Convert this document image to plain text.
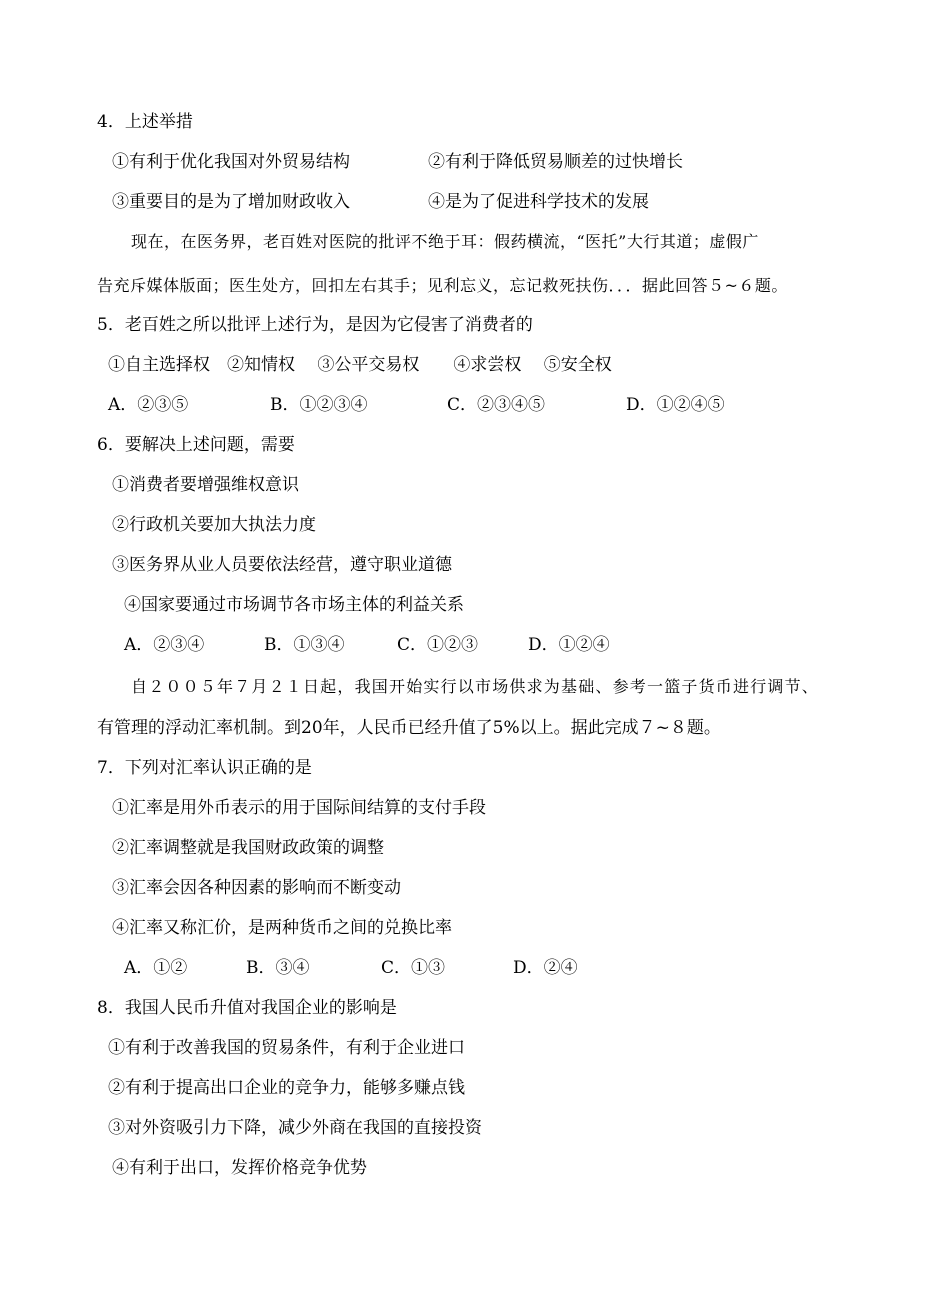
4．上述举措
①有利于优化我国对外贸易结构	②有利于降低贸易顺差的过快增长
③重要目的是为了增加财政收入	④是为了促进科学技术的发展
现在，在医务界，老百姓对医院的批评不绝于耳：假药横流，“医托”大行其道；虚假广
告充斥媒体版面；医生处方，回扣左右其手；见利忘义，忘记救死扶伤．．．据此回答５~６题。
5．老百姓之所以批评上述行为，是因为它侵害了消费者的
①自主选择权　②知情权　 ③公平交易权　　④求尝权　 ⑤安全权
A．②③⑤	B．①②③④	C．②③④⑤	D．①②④⑤
6．要解决上述问题，需要
①消费者要增强维权意识
②行政机关要加大执法力度
③医务界从业人员要依法经营，遵守职业道德
④国家要通过市场调节各市场主体的利益关系
A．②③④	B．①③④	C．①②③	D．①②④
自２００５年７月２１日起，我国开始实行以市场供求为基础、参考一篮子货币进行调节、
有管理的浮动汇率机制。到20年，人民币已经升值了5%以上。据此完成７~８题。
7．下列对汇率认识正确的是
①汇率是用外币表示的用于国际间结算的支付手段
②汇率调整就是我国财政政策的调整
③汇率会因各种因素的影响而不断变动
④汇率又称汇价，是两种货币之间的兑换比率
A．①②	B．③④	C．①③	D．②④
8．我国人民币升值对我国企业的影响是
①有利于改善我国的贸易条件，有利于企业进口
②有利于提高出口企业的竞争力，能够多赚点钱
③对外资吸引力下降，减少外商在我国的直接投资
④有利于出口，发挥价格竞争优势
